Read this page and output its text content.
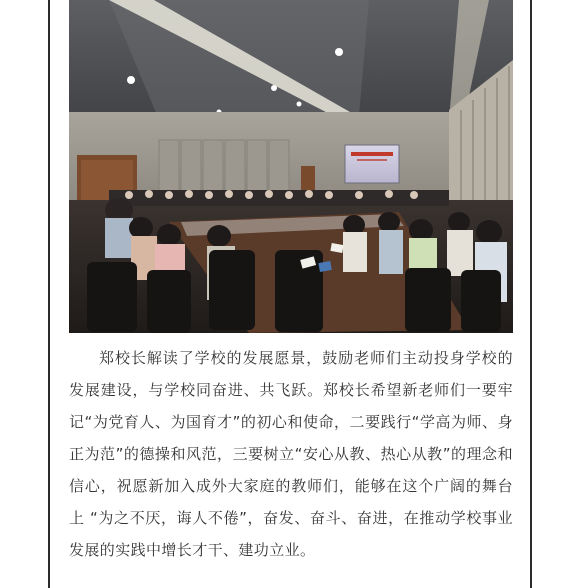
郑校长解读了学校的发展愿景，鼓励老师们主动投身学校的发展建设，与学校同奋进、共飞跃。郑校长希望新老师们一要牢记“为党育人、为国育才”的初心和使命，二要践行“学高为师、身正为范”的德操和风范，三要树立“安心从教、热心从教”的理念和信心，祝愿新加入成外大家庭的教师们，能够在这个广阔的舞台上 “为之不厌，诲人不倦”，奋发、奋斗、奋进，在推动学校事业发展的实践中增长才干、建功立业。
